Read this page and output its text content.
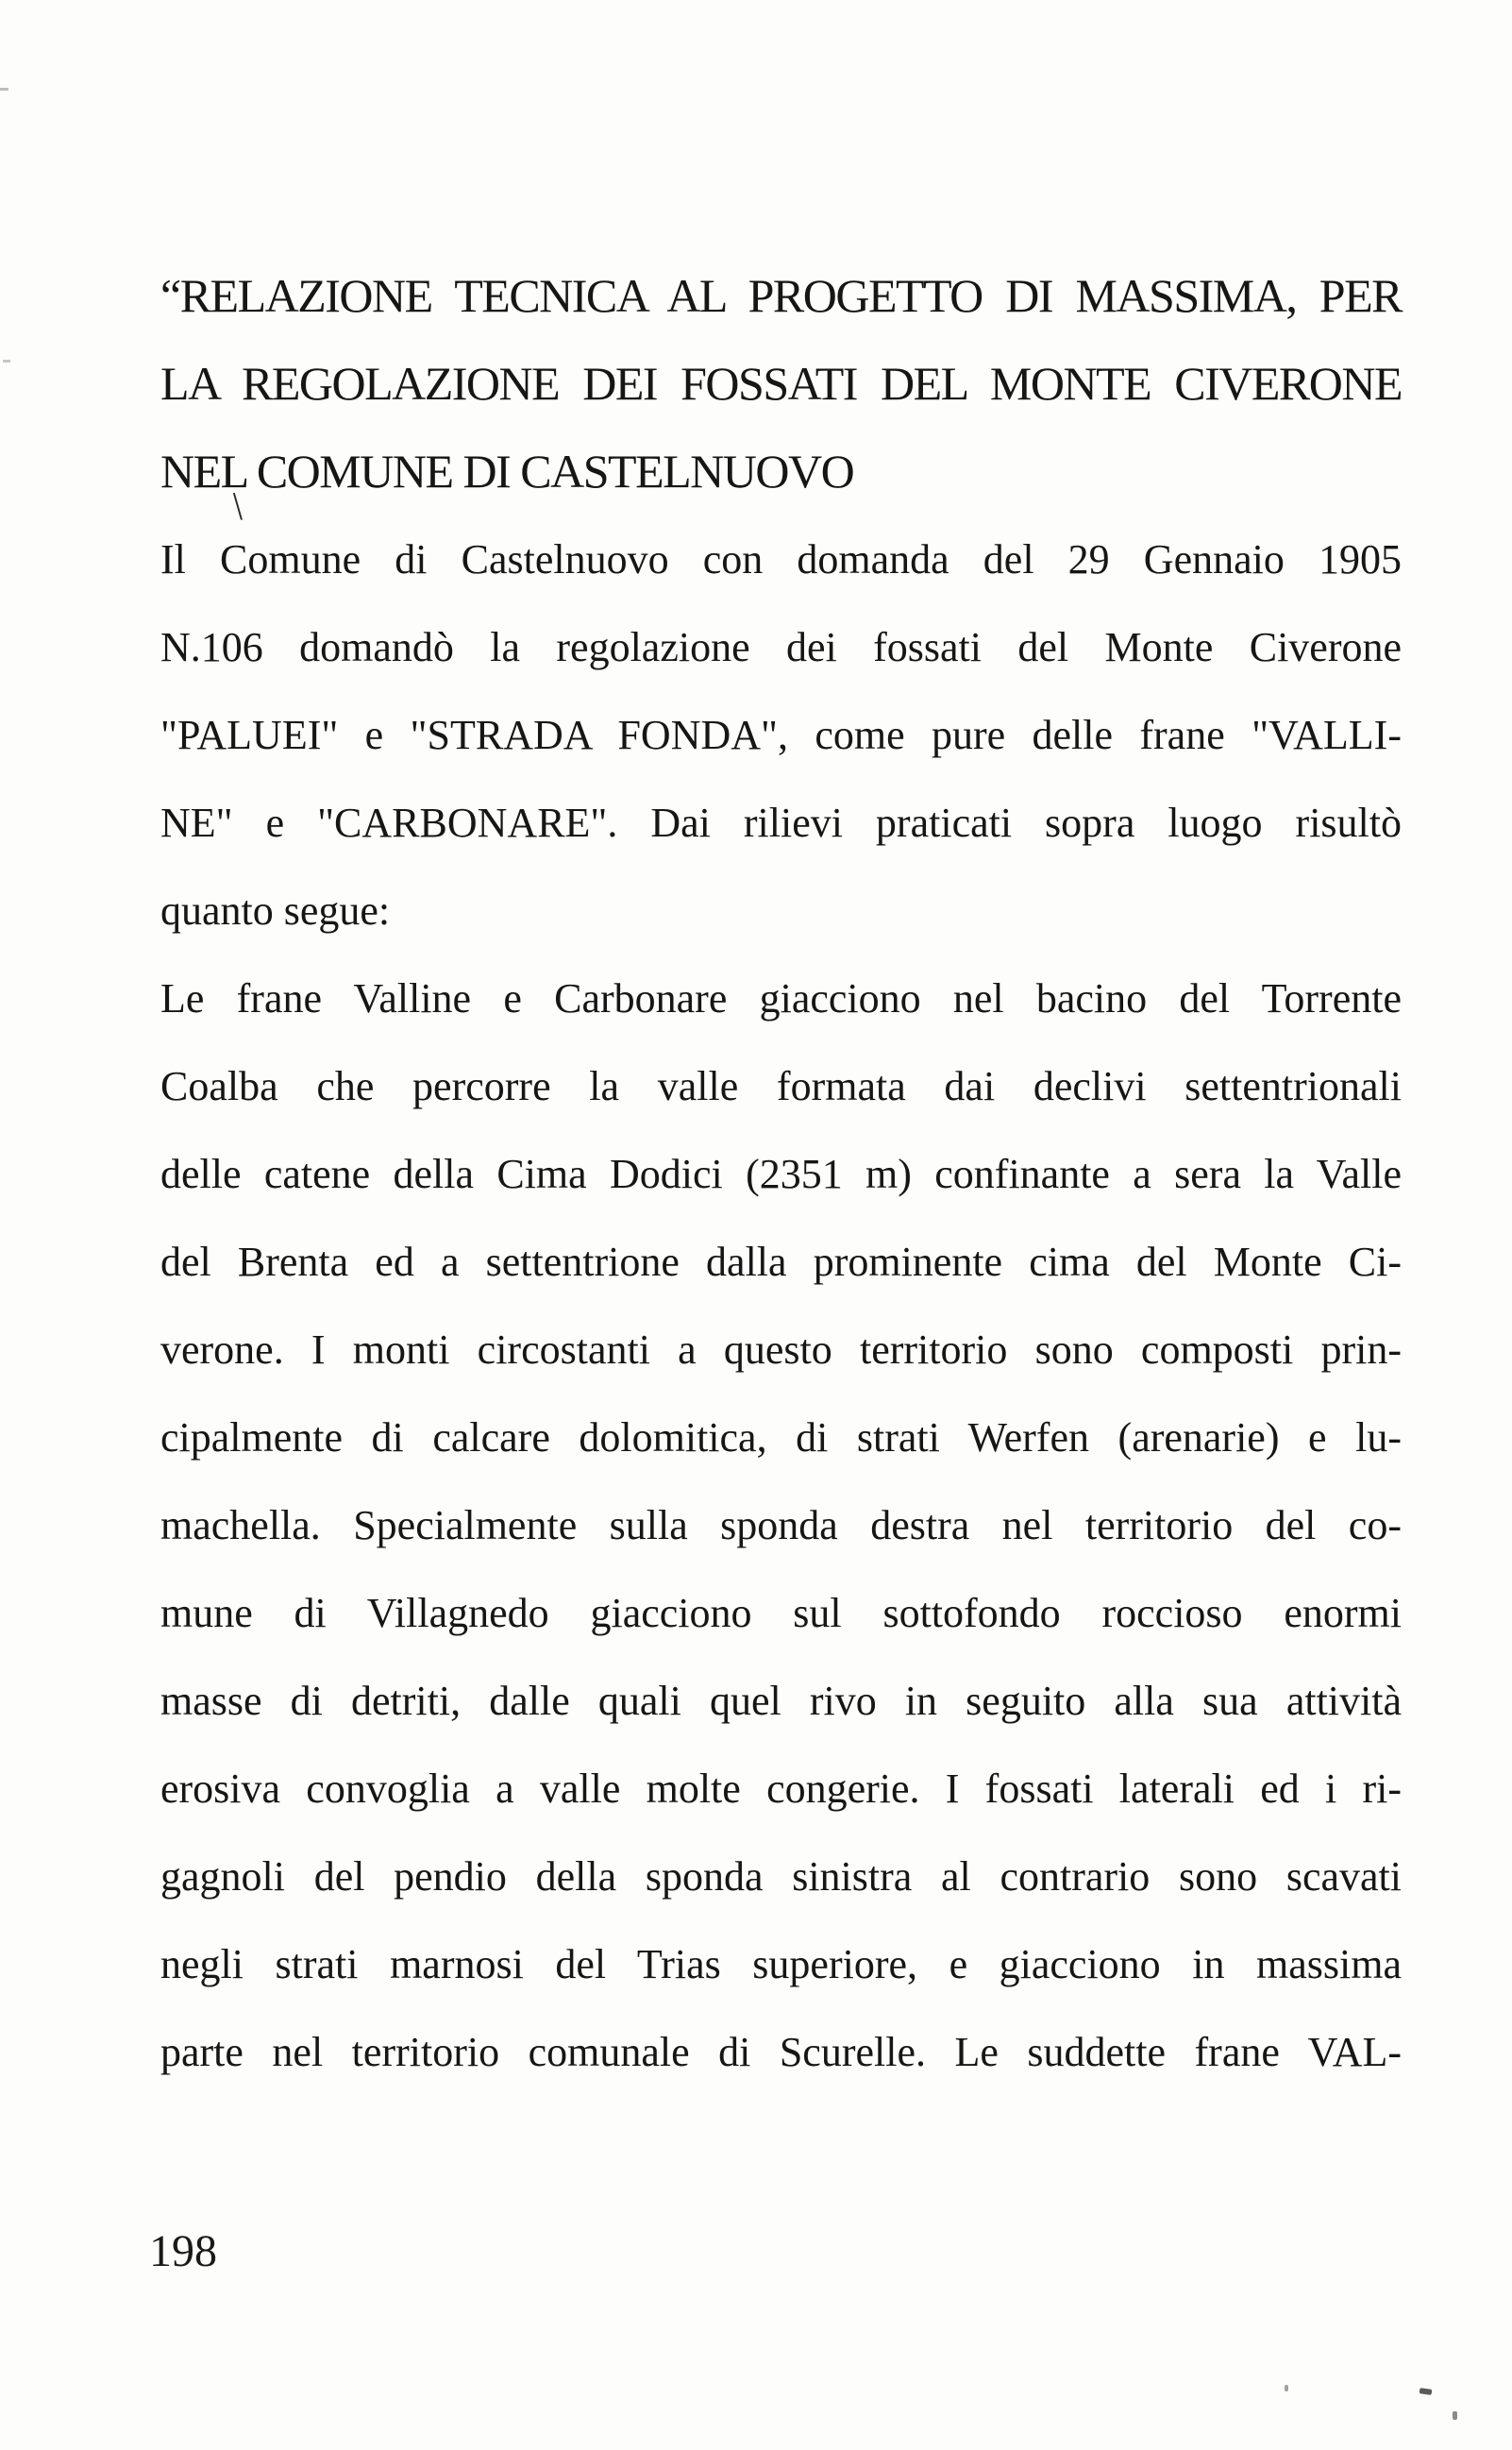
“RELAZIONE TECNICA AL PROGETTO DI MASSIMA, PER
LA REGOLAZIONE DEI FOSSATI DEL MONTE CIVERONE
NEL COMUNE DI CASTELNUOVO
Il Comune di Castelnuovo con domanda del 29 Gennaio 1905
N.106 domandò la regolazione dei fossati del Monte Civerone
"PALUEI" e "STRADA FONDA", come pure delle frane "VALLI-
NE" e "CARBONARE". Dai rilievi praticati sopra luogo risultò
quanto segue:
Le frane Valline e Carbonare giacciono nel bacino del Torrente
Coalba che percorre la valle formata dai declivi settentrionali
delle catene della Cima Dodici (2351 m) confinante a sera la Valle
del Brenta ed a settentrione dalla prominente cima del Monte Ci-
verone. I monti circostanti a questo territorio sono composti prin-
cipalmente di calcare dolomitica, di strati Werfen (arenarie) e lu-
machella. Specialmente sulla sponda destra nel territorio del co-
mune di Villagnedo giacciono sul sottofondo roccioso enormi
masse di detriti, dalle quali quel rivo in seguito alla sua attività
erosiva convoglia a valle molte congerie. I fossati laterali ed i ri-
gagnoli del pendio della sponda sinistra al contrario sono scavati
negli strati marnosi del Trias superiore, e giacciono in massima
parte nel territorio comunale di Scurelle. Le suddette frane VAL-
198
\
